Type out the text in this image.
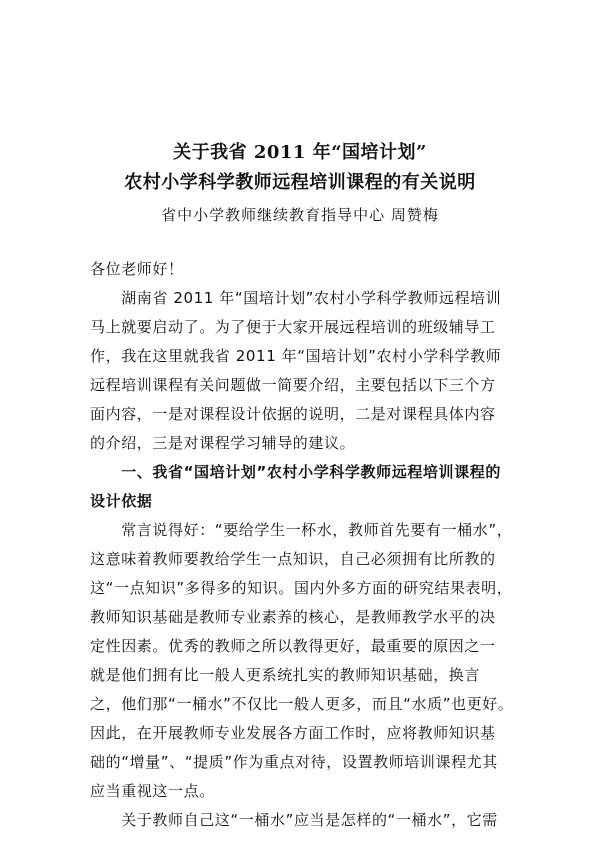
关于我省 2011 年“国培计划”
农村小学科学教师远程培训课程的有关说明
省中小学教师继续教育指导中心 周赞梅
各位老师好！
　　湖南省 2011 年“国培计划”农村小学科学教师远程培训
马上就要启动了。为了便于大家开展远程培训的班级辅导工
作，我在这里就我省 2011 年“国培计划”农村小学科学教师
远程培训课程有关问题做一简要介绍，主要包括以下三个方
面内容，一是对课程设计依据的说明，二是对课程具体内容
的介绍，三是对课程学习辅导的建议。
　　一、我省“国培计划”农村小学科学教师远程培训课程的
设计依据
　　常言说得好：“要给学生一杯水，教师首先要有一桶水”，
这意味着教师要教给学生一点知识，自己必须拥有比所教的
这“一点知识”多得多的知识。国内外多方面的研究结果表明，
教师知识基础是教师专业素养的核心，是教师教学水平的决
定性因素。优秀的教师之所以教得更好，最重要的原因之一
就是他们拥有比一般人更系统扎实的教师知识基础，换言
之，他们那“一桶水”不仅比一般人更多，而且“水质”也更好。
因此，在开展教师专业发展各方面工作时，应将教师知识基
础的“增量”、“提质”作为重点对待，设置教师培训课程尤其
应当重视这一点。
　　关于教师自己这“一桶水”应当是怎样的“一桶水”，它需
